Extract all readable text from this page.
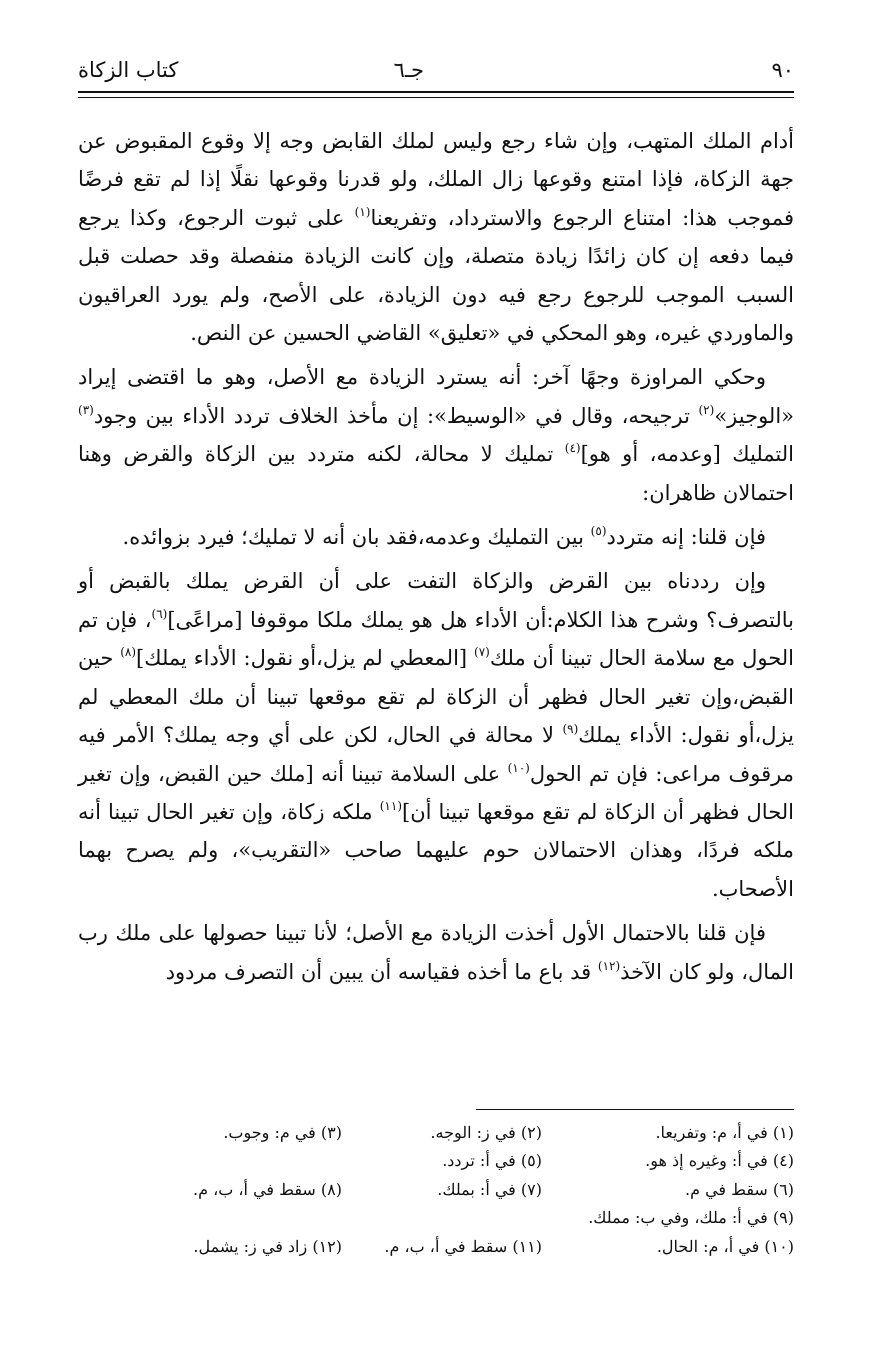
٩٠
جـ٦
كتاب الزكاة

أدام الملك المتهب، وإن شاء رجع وليس لملك القابض وجه إلا وقوع المقبوض عن جهة الزكاة، فإذا امتنع وقوعها زال الملك، ولو قدرنا وقوعها نقلًا إذا لم تقع فرضًا فموجب هذا: امتناع الرجوع والاسترداد، وتفريعنا$^{(١)}$ على ثبوت الرجوع، وكذا يرجع فيما دفعه إن كان زائدًا زيادة متصلة، وإن كانت الزيادة منفصلة وقد حصلت قبل السبب الموجب للرجوع رجع فيه دون الزيادة، على الأصح، ولم يورد العراقيون والماوردي غيره، وهو المحكي في «تعليق» القاضي الحسين عن النص.

وحكي المراوزة وجهًا آخر: أنه يسترد الزيادة مع الأصل، وهو ما اقتضى إيراد «الوجيز»$^{(٢)}$ ترجيحه، وقال في «الوسيط»: إن مأخذ الخلاف تردد الأداء بين وجود$^{(٣)}$ التمليك [وعدمه، أو هو]$^{(٤)}$ تمليك لا محالة، لكنه متردد بين الزكاة والقرض وهنا احتمالان ظاهران:

فإن قلنا: إنه متردد$^{(٥)}$ بين التمليك وعدمه،فقد بان أنه لا تمليك؛ فيرد بزوائده.

وإن رددناه بين القرض والزكاة التفت على أن القرض يملك بالقبض أو بالتصرف؟ وشرح هذا الكلام:أن الأداء هل هو يملك ملكا موقوفا [مراعًى]$^{(٦)}$، فإن تم الحول مع سلامة الحال تبينا أن ملك$^{(٧)}$ [المعطي لم يزل،أو نقول: الأداء يملك]$^{(٨)}$ حين القبض،وإن تغير الحال فظهر أن الزكاة لم تقع موقعها تبينا أن ملك المعطي لم يزل،أو نقول: الأداء يملك$^{(٩)}$ لا محالة في الحال، لكن على أي وجه يملك؟ الأمر فيه مرقوف مراعى: فإن تم الحول$^{(١٠)}$ على السلامة تبينا أنه [ملك حين القبض، وإن تغير الحال فظهر أن الزكاة لم تقع موقعها تبينا أن]$^{(١١)}$ ملكه زكاة، وإن تغير الحال تبينا أنه ملكه فردًا، وهذان الاحتمالان حوم عليهما صاحب «التقريب»، ولم يصرح بهما الأصحاب.

فإن قلنا بالاحتمال الأول أخذت الزيادة مع الأصل؛ لأنا تبينا حصولها على ملك رب المال، ولو كان الآخذ$^{(١٢)}$ قد باع ما أخذه فقياسه أن يبين أن التصرف مردود

(١) في أ، م: وتفريعا.
(٢) في ز: الوجه.
(٣) في م: وجوب.
(٤) في أ: وغيره إذ هو.
(٥) في أ: تردد.
(٦) سقط في م.
(٧) في أ: بملك.
(٨) سقط في أ، ب، م.
(٩) في أ: ملك، وفي ب: مملك.
(١٠) في أ، م: الحال.
(١١) سقط في أ، ب، م.
(١٢) زاد في ز: يشمل.
